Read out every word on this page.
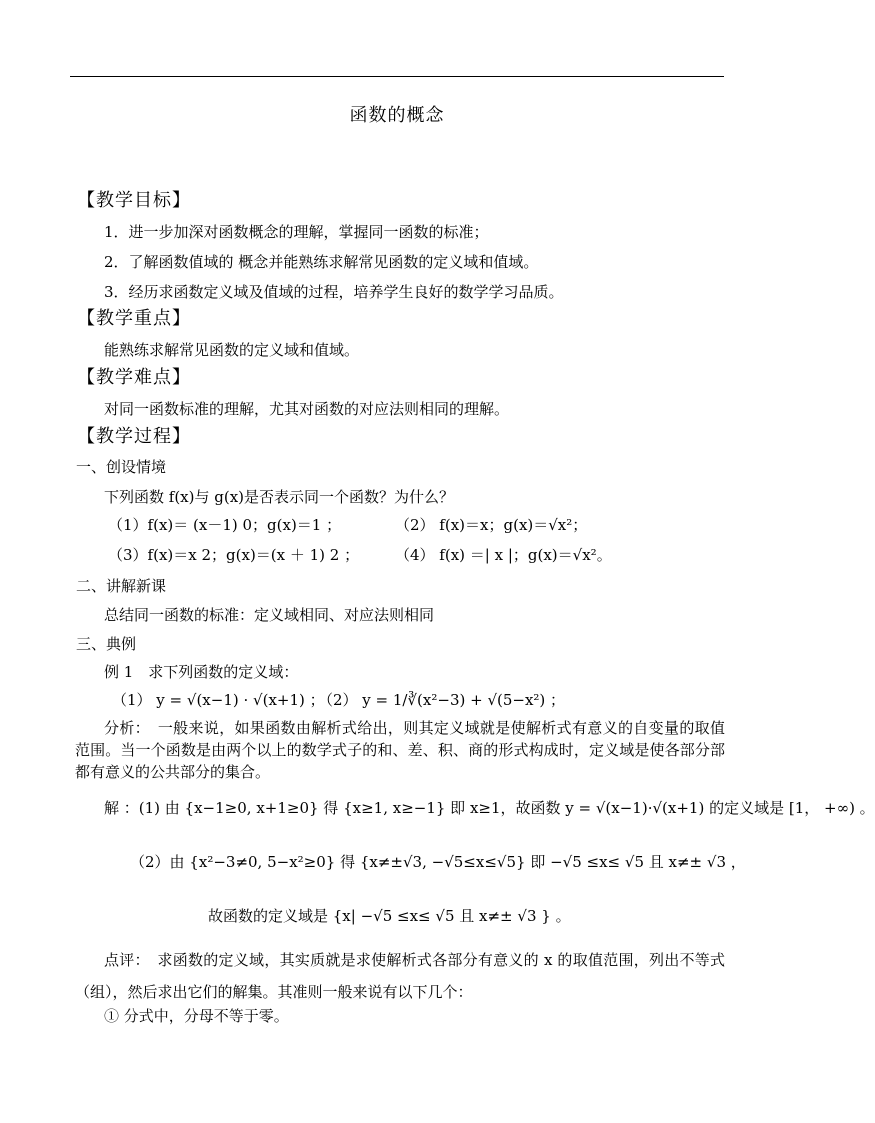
函数的概念
【教学目标】
1．进一步加深对函数概念的理解，掌握同一函数的标准；
2．了解函数值域的 概念并能熟练求解常见函数的定义域和值域。
3．经历求函数定义域及值域的过程，培养学生良好的数学学习品质。
【教学重点】
能熟练求解常见函数的定义域和值域。
【教学难点】
对同一函数标准的理解，尤其对函数的对应法则相同的理解。
【教学过程】
一、创设情境
下列函数 f(x)与 g(x)是否表示同一个函数？为什么？
（1）f(x)＝ (x－1) 0；g(x)＝1 ；	（2） f(x)＝x；g(x)＝√x²；
（3）f(x)＝x 2；g(x)＝(x ＋ 1) 2 ； （4） f(x) ＝| x |；g(x)＝√x²。
二、讲解新课
总结同一函数的标准：定义域相同、对应法则相同
三、典例
例 1　求下列函数的定义域：
（1） y = √(x−1) · √(x+1) ；
（2） y = 1/∛(x²−3) + √(5−x²) ；
分析：　一般来说，如果函数由解析式给出，则其定义域就是使解析式有意义的自变量的取值范围。当一个函数是由两个以上的数学式子的和、差、积、商的形式构成时，定义域是使各部分部都有意义的公共部分的集合。
解 ：(1) 由 {x−1≥0, x+1≥0} 得 {x≥1, x≥−1} 即 x≥1，故函数 y = √(x−1)·√(x+1) 的定义域是 [1， +∞) 。
（2）由 {x²−3≠0, 5−x²≥0} 得 {x≠±√3, −√5≤x≤√5} 即 −√5 ≤x≤ √5 且 x≠± √3 ，
故函数的定义域是 {x| −√5 ≤x≤ √5 且 x≠± √3 } 。
点评：　求函数的定义域，其实质就是求使解析式各部分有意义的 x 的取值范围，列出不等式（组），然后求出它们的解集。其准则一般来说有以下几个：
① 分式中，分母不等于零。
